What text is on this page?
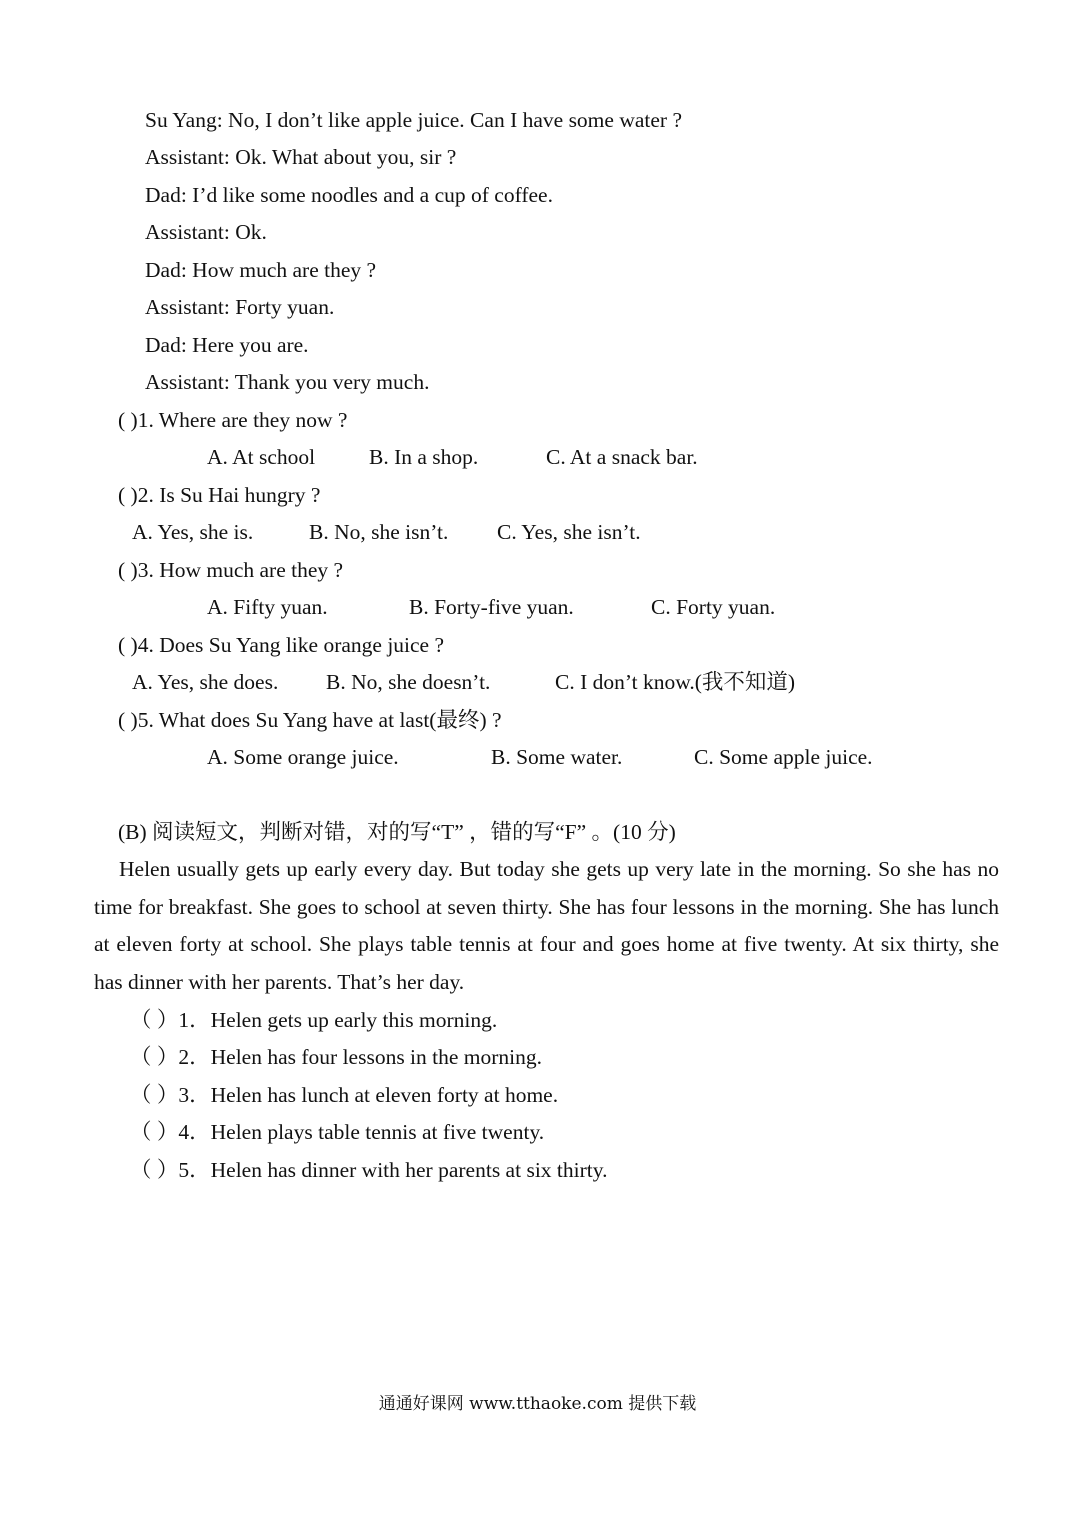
Su Yang: No, I don’t like apple juice. Can I have some water ?
Assistant: Ok. What about you, sir ?
Dad: I’d like some noodles and a cup of coffee.
Assistant: Ok.
Dad: How much are they ?
Assistant: Forty yuan.
Dad: Here you are.
Assistant: Thank you very much.
( )1. Where are they now ?
A. At school	B. In a shop.	C. At a snack bar.
( )2. Is Su Hai hungry ?
A. Yes, she is.	B. No, she isn’t. C. Yes, she isn’t.
( )3. How much are they ?
A. Fifty yuan.	B. Forty-five yuan.	C. Forty yuan.
( )4. Does Su Yang like orange juice ?
A. Yes, she does. B. No, she doesn’t.	C. I don’t know.(我不知道)
( )5. What does Su Yang have at last(最终) ?
A. Some orange juice.	B. Some water.	C. Some apple juice.
(B) 阅读短文，判断对错，对的写“T” ，错的写“F” 。(10 分)
Helen usually gets up early every day. But today she gets up very late in the morning. So she has no time for breakfast. She goes to school at seven thirty. She has four lessons in the morning. She has lunch at eleven forty at school. She plays table tennis at four and goes home at five twenty. At six thirty, she has dinner with her parents. That’s her day.
（ ）1．Helen gets up early this morning.
（ ）2．Helen has four lessons in the morning.
（ ）3．Helen has lunch at eleven forty at home.
（ ）4．Helen plays table tennis at five twenty.
（ ）5．Helen has dinner with her parents at six thirty.
通通好课网 www.tthaoke.com 提供下载
